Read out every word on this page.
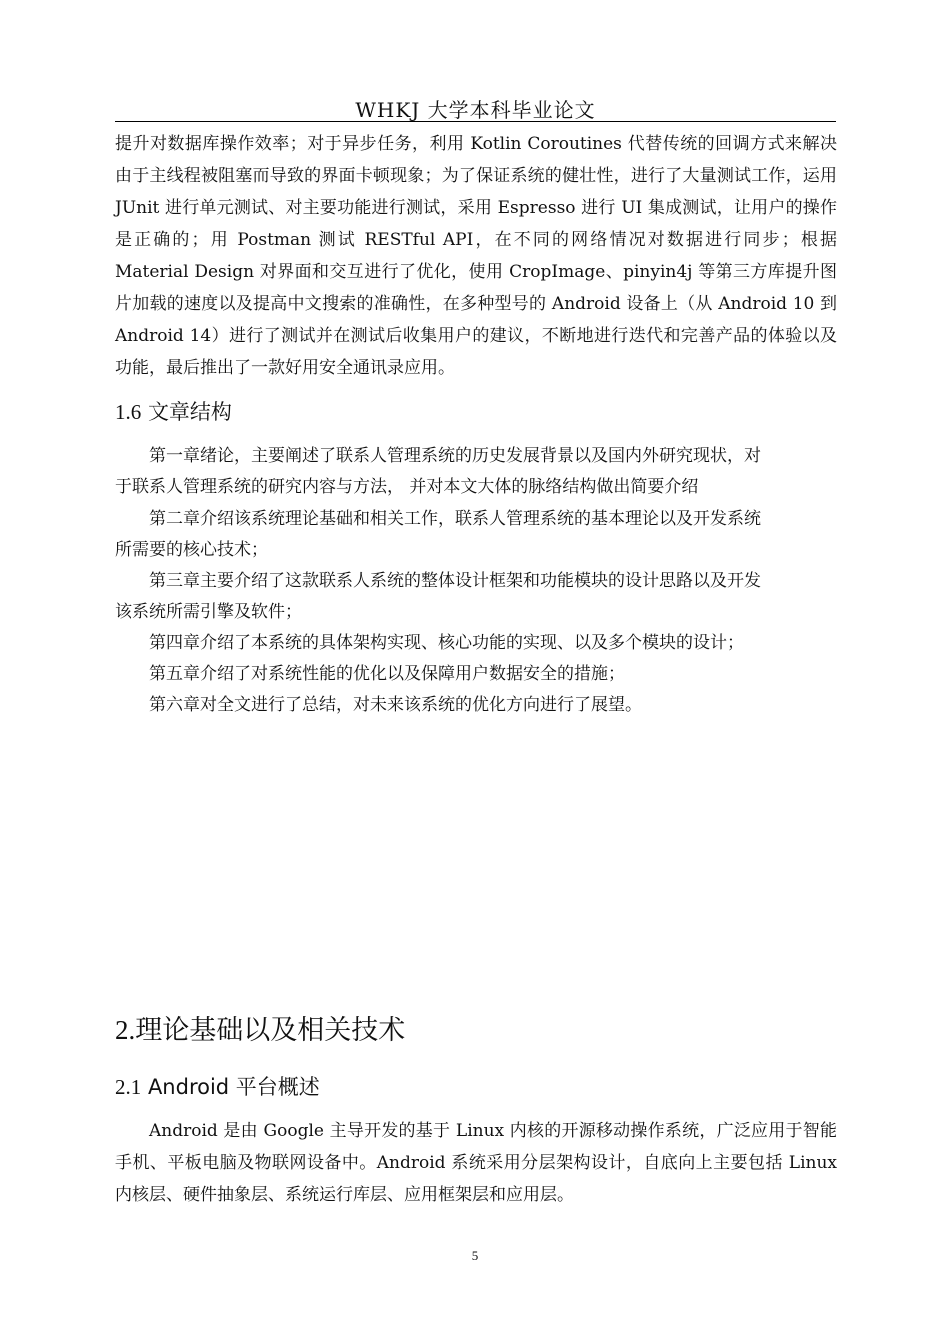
WHKJ 大学本科毕业论文

提升对数据库操作效率；对于异步任务，利用 Kotlin Coroutines 代替传统的回调方式来解决由于主线程被阻塞而导致的界面卡顿现象；为了保证系统的健壮性，进行了大量测试工作，运用 JUnit 进行单元测试、对主要功能进行测试，采用 Espresso 进行 UI 集成测试，让用户的操作是正确的；用 Postman 测试 RESTful API，在不同的网络情况对数据进行同步；根据 Material Design 对界面和交互进行了优化，使用 CropImage、pinyin4j 等第三方库提升图片加载的速度以及提高中文搜索的准确性，在多种型号的 Android 设备上（从 Android 10 到 Android 14）进行了测试并在测试后收集用户的建议，不断地进行迭代和完善产品的体验以及功能，最后推出了一款好用安全通讯录应用。

1.6 文章结构

第一章绪论，主要阐述了联系人管理系统的历史发展背景以及国内外研究现状，对

于联系人管理系统的研究内容与方法， 并对本文大体的脉络结构做出简要介绍

第二章介绍该系统理论基础和相关工作，联系人管理系统的基本理论以及开发系统

所需要的核心技术；

第三章主要介绍了这款联系人系统的整体设计框架和功能模块的设计思路以及开发

该系统所需引擎及软件；

第四章介绍了本系统的具体架构实现、核心功能的实现、以及多个模块的设计；

第五章介绍了对系统性能的优化以及保障用户数据安全的措施；

第六章对全文进行了总结，对未来该系统的优化方向进行了展望。

2.理论基础以及相关技术
2.1 Android 平台概述

Android 是由 Google 主导开发的基于 Linux 内核的开源移动操作系统，广泛应用于智能手机、平板电脑及物联网设备中。Android 系统采用分层架构设计，自底向上主要包括 Linux 内核层、硬件抽象层、系统运行库层、应用框架层和应用层。

5
